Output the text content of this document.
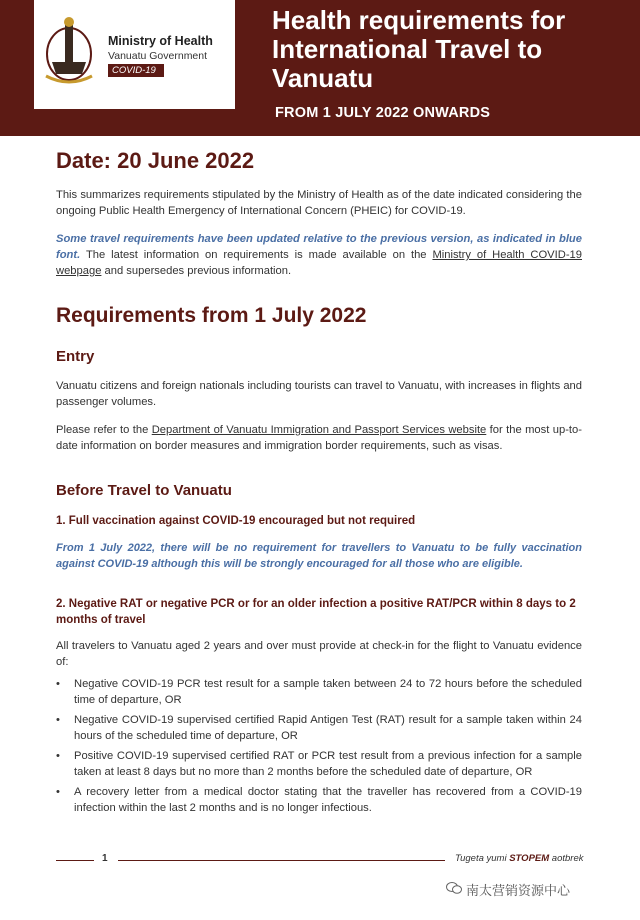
Ministry of Health
Vanuatu Government
COVID-19
Health requirements for International Travel to Vanuatu
FROM 1 JULY 2022 ONWARDS
Date: 20 June 2022
This summarizes requirements stipulated by the Ministry of Health as of the date indicated considering the ongoing Public Health Emergency of International Concern (PHEIC) for COVID-19.
Some travel requirements have been updated relative to the previous version, as indicated in blue font. The latest information on requirements is made available on the Ministry of Health COVID-19 webpage and supersedes previous information.
Requirements from 1 July 2022
Entry
Vanuatu citizens and foreign nationals including tourists can travel to Vanuatu, with increases in flights and passenger volumes.
Please refer to the Department of Vanuatu Immigration and Passport Services website for the most up-to-date information on border measures and immigration border requirements, such as visas.
Before Travel to Vanuatu
1. Full vaccination against COVID-19 encouraged but not required
From 1 July 2022, there will be no requirement for travellers to Vanuatu to be fully vaccination against COVID-19 although this will be strongly encouraged for all those who are eligible.
2. Negative RAT or negative PCR or for an older infection a positive RAT/PCR within 8 days to 2 months of travel
All travelers to Vanuatu aged 2 years and over must provide at check-in for the flight to Vanuatu evidence of:
• Negative COVID-19 PCR test result for a sample taken between 24 to 72 hours before the scheduled time of departure, OR
• Negative COVID-19 supervised certified Rapid Antigen Test (RAT) result for a sample taken within 24 hours of the scheduled time of departure, OR
• Positive COVID-19 supervised certified RAT or PCR test result from a previous infection for a sample taken at least 8 days but no more than 2 months before the scheduled date of departure, OR
• A recovery letter from a medical doctor stating that the traveller has recovered from a COVID-19 infection within the last 2 months and is no longer infectious.
1	Tugeta yumi STOPEM aotbrek
南太营销资源中心
